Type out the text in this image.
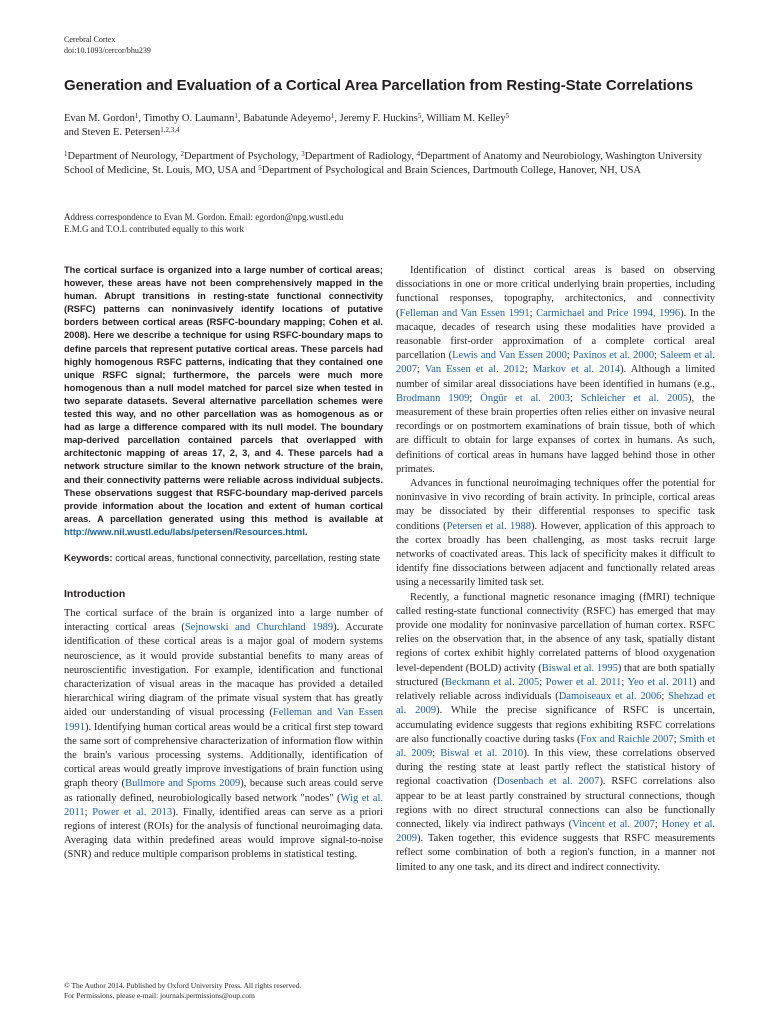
Cerebral Cortex
doi:10.1093/cercor/bhu239
Generation and Evaluation of a Cortical Area Parcellation from Resting-State Correlations
Evan M. Gordon$^1$, Timothy O. Laumann$^1$, Babatunde Adeyemo$^1$, Jeremy F. Huckins$^5$, William M. Kelley$^5$
and Steven E. Petersen$^{1,2,3,4}$
$^1$Department of Neurology, $^2$Department of Psychology, $^3$Department of Radiology, $^4$Department of Anatomy and Neurobiology, Washington University School of Medicine, St. Louis, MO, USA and $^5$Department of Psychological and Brain Sciences, Dartmouth College, Hanover, NH, USA
Address correspondence to Evan M. Gordon. Email: egordon@npg.wustl.edu
E.M.G and T.O.L contributed equally to this work

The cortical surface is organized into a large number of cortical areas; however, these areas have not been comprehensively mapped in the human. Abrupt transitions in resting-state functional connectivity (RSFC) patterns can noninvasively identify locations of putative borders between cortical areas (RSFC-boundary mapping; Cohen et al. 2008). Here we describe a technique for using RSFC-boundary maps to define parcels that represent putative cortical areas. These parcels had highly homogenous RSFC patterns, indicating that they contained one unique RSFC signal; furthermore, the parcels were much more homogenous than a null model matched for parcel size when tested in two separate datasets. Several alternative parcellation schemes were tested this way, and no other parcellation was as homogenous as or had as large a difference compared with its null model. The boundary map-derived parcellation contained parcels that overlapped with architectonic mapping of areas 17, 2, 3, and 4. These parcels had a network structure similar to the known network structure of the brain, and their connectivity patterns were reliable across individual subjects. These observations suggest that RSFC-boundary map-derived parcels provide information about the location and extent of human cortical areas. A parcellation generated using this method is available at http://www.nil.wustl.edu/labs/petersen/Resources.html.

Keywords: cortical areas, functional connectivity, parcellation, resting state

Introduction

The cortical surface of the brain is organized into a large number of interacting cortical areas (Sejnowski and Churchland 1989). Accurate identification of these cortical areas is a major goal of modern systems neuroscience, as it would provide substantial benefits to many areas of neuroscientific investigation. For example, identification and functional characterization of visual areas in the macaque has provided a detailed hierarchical wiring diagram of the primate visual system that has greatly aided our understanding of visual processing (Felleman and Van Essen 1991). Identifying human cortical areas would be a critical first step toward the same sort of comprehensive characterization of information flow within the brain's various processing systems. Additionally, identification of cortical areas would greatly improve investigations of brain function using graph theory (Bullmore and Sporns 2009), because such areas could serve as rationally defined, neurobiologically based network "nodes" (Wig et al. 2011; Power et al. 2013). Finally, identified areas can serve as a priori regions of interest (ROIs) for the analysis of functional neuroimaging data. Averaging data within predefined areas would improve signal-to-noise (SNR) and reduce multiple comparison problems in statistical testing.

Identification of distinct cortical areas is based on observing dissociations in one or more critical underlying brain properties, including functional responses, topography, architectonics, and connectivity (Felleman and Van Essen 1991; Carmichael and Price 1994, 1996). In the macaque, decades of research using these modalities have provided a reasonable first-order approximation of a complete cortical areal parcellation (Lewis and Van Essen 2000; Paxinos et al. 2000; Saleem et al. 2007; Van Essen et al. 2012; Markov et al. 2014). Although a limited number of similar areal dissociations have been identified in humans (e.g., Brodmann 1909; Öngür et al. 2003; Schleicher et al. 2005), the measurement of these brain properties often relies either on invasive neural recordings or on postmortem examinations of brain tissue, both of which are difficult to obtain for large expanses of cortex in humans. As such, definitions of cortical areas in humans have lagged behind those in other primates.

Advances in functional neuroimaging techniques offer the potential for noninvasive in vivo recording of brain activity. In principle, cortical areas may be dissociated by their differential responses to specific task conditions (Petersen et al. 1988). However, application of this approach to the cortex broadly has been challenging, as most tasks recruit large networks of coactivated areas. This lack of specificity makes it difficult to identify fine dissociations between adjacent and functionally related areas using a necessarily limited task set.

Recently, a functional magnetic resonance imaging (fMRI) technique called resting-state functional connectivity (RSFC) has emerged that may provide one modality for noninvasive parcellation of human cortex. RSFC relies on the observation that, in the absence of any task, spatially distant regions of cortex exhibit highly correlated patterns of blood oxygenation level-dependent (BOLD) activity (Biswal et al. 1995) that are both spatially structured (Beckmann et al. 2005; Power et al. 2011; Yeo et al. 2011) and relatively reliable across individuals (Damoiseaux et al. 2006; Shehzad et al. 2009). While the precise significance of RSFC is uncertain, accumulating evidence suggests that regions exhibiting RSFC correlations are also functionally coactive during tasks (Fox and Raichle 2007; Smith et al. 2009; Biswal et al. 2010). In this view, these correlations observed during the resting state at least partly reflect the statistical history of regional coactivation (Dosenbach et al. 2007). RSFC correlations also appear to be at least partly constrained by structural connections, though regions with no direct structural connections can also be functionally connected, likely via indirect pathways (Vincent et al. 2007; Honey et al. 2009). Taken together, this evidence suggests that RSFC measurements reflect some combination of both a region's function, in a manner not limited to any one task, and its direct and indirect connectivity.

© The Author 2014. Published by Oxford University Press. All rights reserved.
For Permissions, please e-mail: journals.permissions@oup.com
